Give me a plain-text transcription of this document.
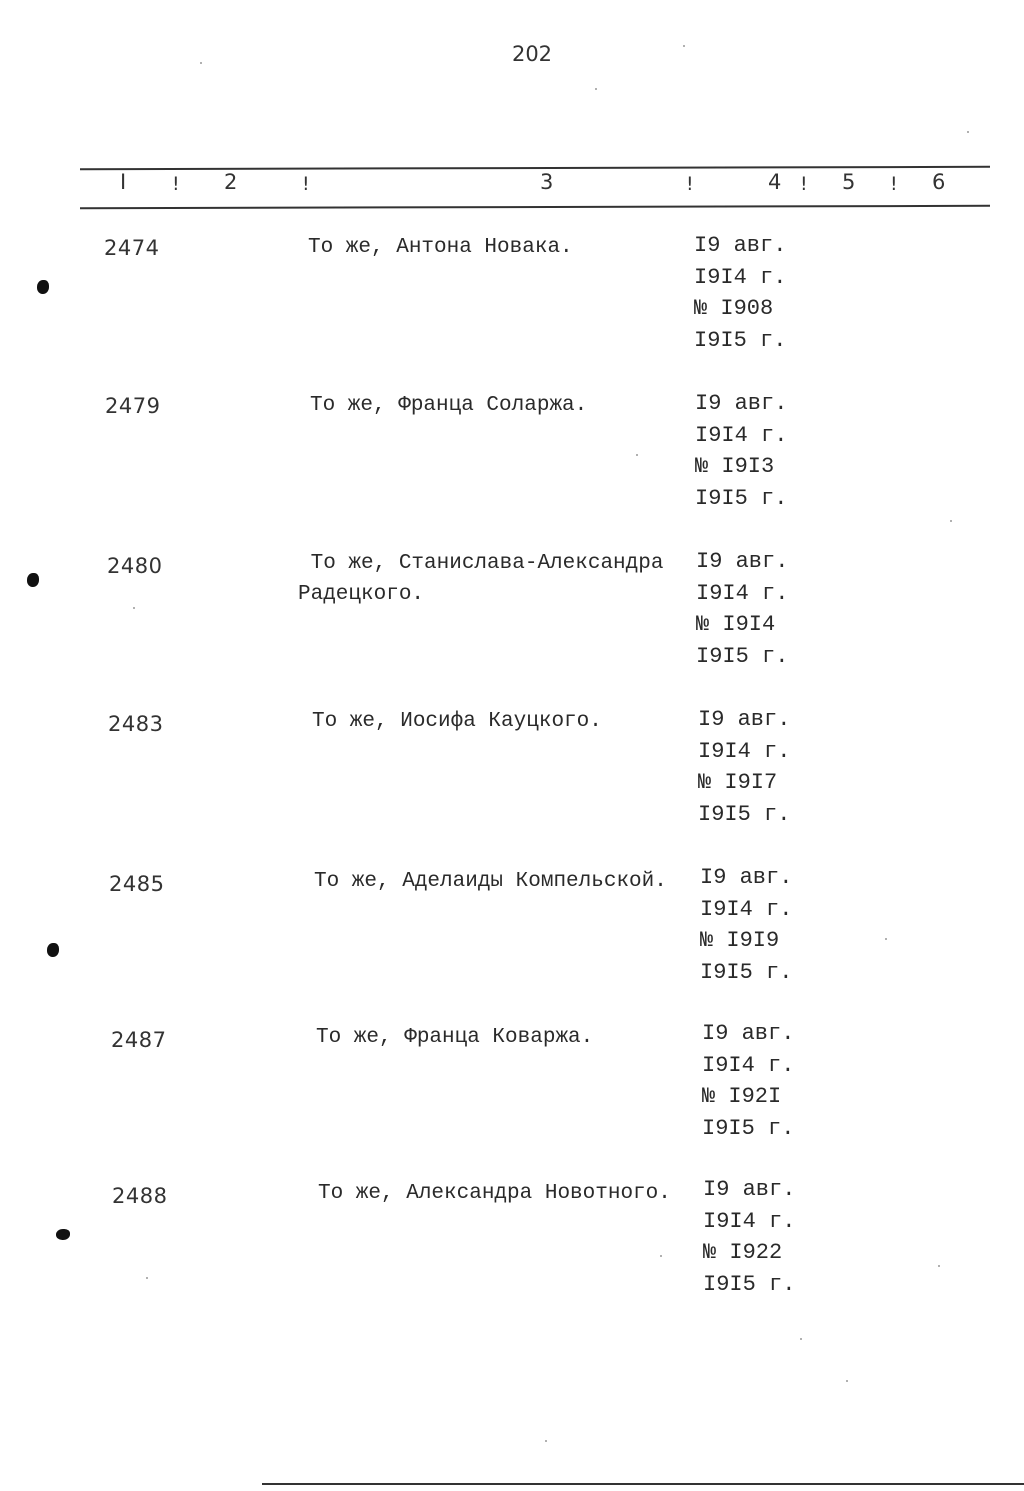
202
I ! 2	!	3	!	4 ! 5 ! 6
2474	То же, Антона Новака.	I9 авг.
I9I4 г.
№ I908
I9I5 г.
2479	То же, Франца Соларжа.	I9 авг.
I9I4 г.
№ I9I3
I9I5 г.
2480	То же, Станислава-Александра
Радецкого.
I9 авг.
I9I4 г.
№ I9I4
I9I5 г.
2483	То же, Иосифа Кауцкого.	I9 авг.
I9I4 г.
№ I9I7
I9I5 г.
2485	То же, Аделаиды Компельской. I9 авг.
I9I4 г.
№ I9I9
I9I5 г.
2487	То же, Франца Коваржа.	I9 авг.
I9I4 г.
№ I92I
I9I5 г.
2488	То же, Александра Новотного. I9 авг.
I9I4 г.
№ I922
I9I5 г.
